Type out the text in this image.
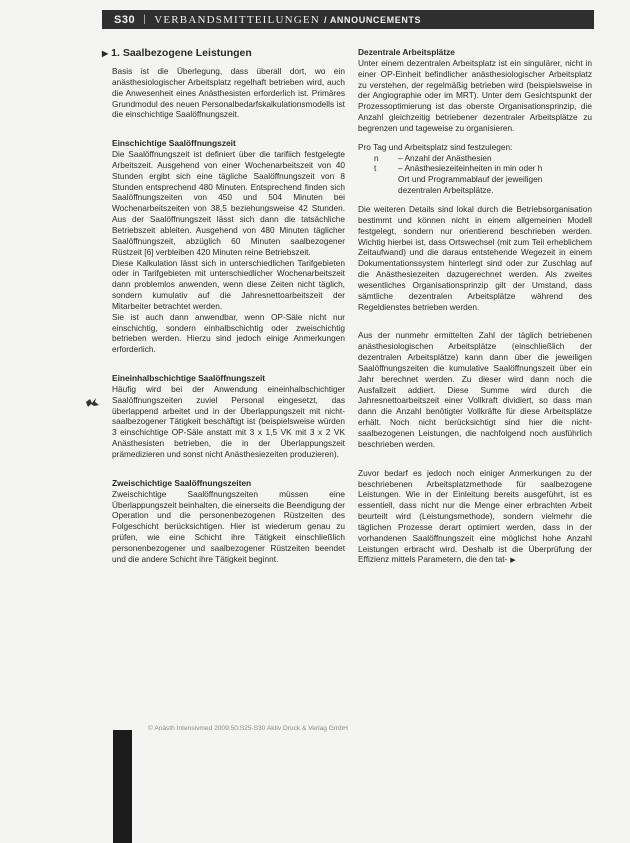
S30 | VERBANDSMITTEILUNGEN / ANNOUNCEMENTS
▶ 1. Saalbezogene Leistungen

Basis ist die Überlegung, dass überall dort, wo ein anästhesiologischer Arbeitsplatz regelhaft betrieben wird, auch die Anwesenheit eines Anästhesisten erforderlich ist. Primäres Grundmodul des neuen Personalbedarfskalkulationsmodells ist die einschichtige Saalöffnungszeit.

Einschichtige Saalöffnungszeit

Die Saalöffnungszeit ist definiert über die tarifiich festgelegte Arbeitszeit. Ausgehend von einer Wochenarbeitszeit von 40 Stunden ergibt sich eine tägliche Saalöffnungszeit von 8 Stunden entsprechend 480 Minuten. Entsprechend finden sich Saalöffnungszeiten von 450 und 504 Minuten bei Wochenarbeitszeiten von 38,5 beziehungsweise 42 Stunden. Aus der Saalöffnungszeit lässt sich dann die tatsächliche Betriebszeit ableiten. Ausgehend von 480 Minuten täglicher Saalöffnungszeit, abzüglich 60 Minuten saalbezogener Rüstzeit [6] verbleiben 420 Minuten reine Betriebszeit.

Diese Kalkulation lässt sich in unterschiedlichen Tarifgebieten oder in Tarifgebieten mit unterschiedlicher Wochenarbeitszeit dann problemlos anwenden, wenn diese Zeiten nicht täglich, sondern kumulativ auf die Jahresnettoarbeitszeit der Mitarbeiter betrachtet werden.

Sie ist auch dann anwendbar, wenn OP-Säle nicht nur einschichtig, sondern einhalbschichtig oder zweischichtig betrieben werden. Hierzu sind jedoch einige Anmerkungen erforderlich.

Eineinhalbschichtige Saalöffnungszeit

Häufig wird bei der Anwendung eineinhalbschichtiger Saalöffnungszeiten zuviel Personal eingesetzt, das überlappend arbeitet und in der Überlappungszeit mit nicht-saalbezogener Tätigkeit beschäftigt ist (beispielsweise würden 3 einschichtige OP-Säle anstatt mit 3 x 1,5 VK mit 3 x 2 VK Anästhesisten betrieben, die in der Überlappungszeit prämedizieren und sonst nicht Anästhesiezeiten produzieren).

Zweischichtige Saalöffnungszeiten

Zweischichtige Saalöffnungszeiten müssen eine Überlappungszeit beinhalten, die einerseits die Beendigung der Operation und die personenbezogenen Rüstzeiten des Folgeschicht berücksichtigen. Hier ist wiederum genau zu prüfen, wie eine Schicht ihre Tätigkeit einschließlich personenbezogener und saalbezogener Rüstzeiten beendet und die andere Schicht ihre Tätigkeit beginnt.

Dezentrale Arbeitsplätze

Unter einem dezentralen Arbeitsplatz ist ein singulärer, nicht in einer OP-Einheit befindlicher anästhesiologischer Arbeitsplatz zu verstehen, der regelmäßig betrieben wird (beispielsweise in der Angiographie oder im MRT). Unter dem Gesichtspunkt der Prozessoptimierung ist das oberste Organisationsprinzip, die Anzahl gleichzeitig betriebener dezentraler Arbeitsplätze zu begrenzen und tageweise zu organisieren.

Pro Tag und Arbeitsplatz sind festzulegen:

n	– Anzahl der Anästhesien
t	– Anästhesiezeiteinheiten in min oder h
Ort und Programmablauf der jeweiligen
dezentralen Arbeitsplätze.

Die weiteren Details sind lokal durch die Betriebsorganisation bestimmt und können nicht in einem allgemeinen Modell festgelegt, sondern nur orientierend beschrieben werden. Wichtig hierbei ist, dass Ortswechsel (mit zum Teil erheblichem Zeitaufwand) und die daraus entstehende Wegezeit in einem Dokumentationssystem hinterlegt sind oder zur Zuschlag auf die Anästhesiezeiten dazugerechnet werden. Als zweites wesentliches Organisationsprinzip gilt der Umstand, dass sämtliche dezentralen Arbeitsplätze während des Regeldienstes betrieben werden.

Aus der nunmehr ermittelten Zahl der täglich betriebenen anästhesiologischen Arbeitsplätze (einschließlich der dezentralen Arbeitsplätze) kann dann über die jeweiligen Saalöffnungszeiten die kumulative Saalöffnungszeit über ein Jahr berechnet werden. Zu dieser wird dann noch die Ausfallzeit addiert. Diese Summe wird durch die Jahresnettoarbeitszeit einer Vollkraft dividiert, so dass man dann die Anzahl benötigter Vollkräfte für diese Arbeitsplätze erhält. Noch nicht berücksichtigt sind hier die nicht-saalbezogenen Leistungen, die nachfolgend noch ausführlich beschrieben werden.

Zuvor bedarf es jedoch noch einiger Anmerkungen zu der beschriebenen Arbeitsplatzmethode für saalbezogene Leistungen. Wie in der Einleitung bereits ausgeführt, ist es essentiell, dass nicht nur die Menge einer erbrachten Arbeit beurteilt wird (Leistungsmethode), sondern vielmehr die täglichen Prozesse derart optimiert werden, dass in der vorhandenen Saalöffnungszeit eine möglichst hohe Anzahl Leistungen erbracht wird. Deshalb ist die Überprüfung der Effizienz mittels Parametern, die den tat- ▶

© Anästh Intensivmed 2009;50:S25-S30 Aktiv Druck & Verlag GmbH
